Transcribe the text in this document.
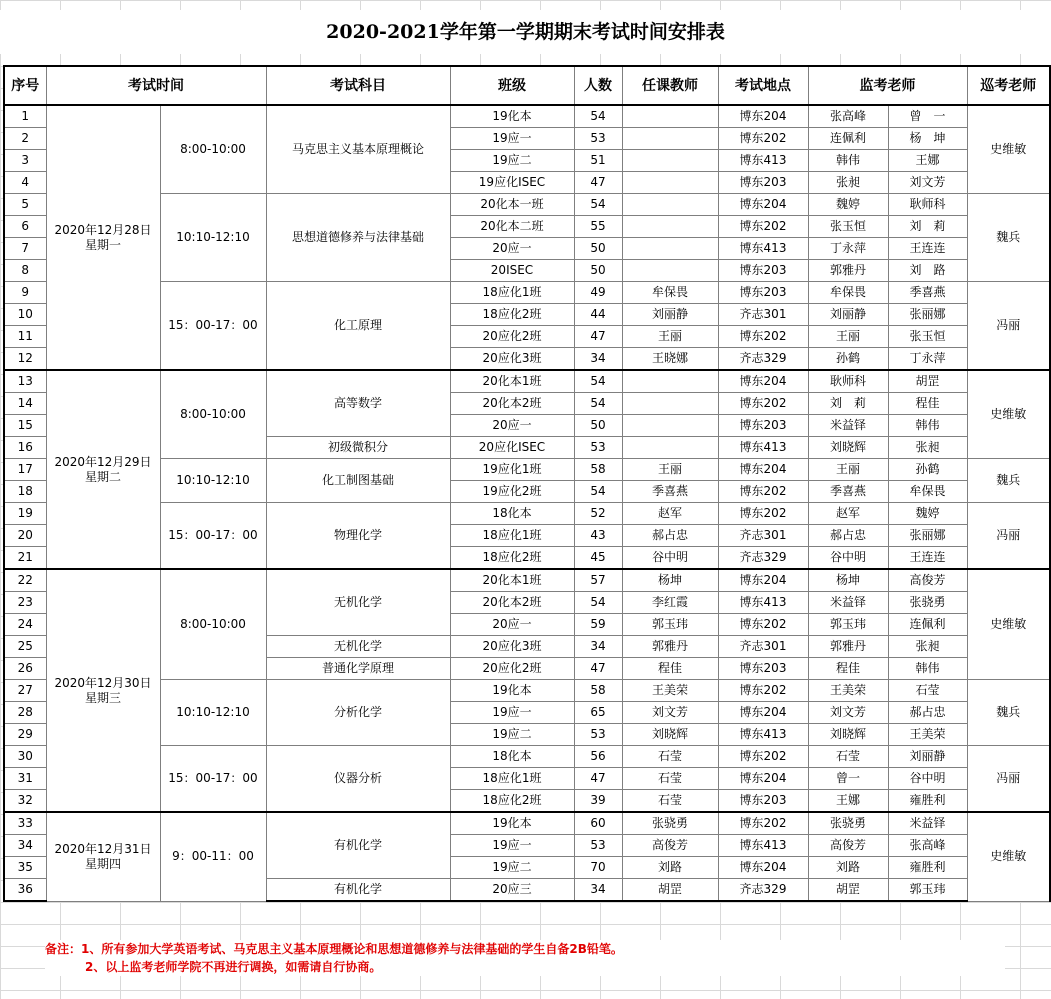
2020-2021学年第一学期期末考试时间安排表
序号	考试时间		考试科目	班级	人数	任课教师	考试地点	监考老师		巡考老师
1	2020年12月28日
星期一	8:00-10:00	马克思主义基本原理概论	19化本	54		博东204	张高峰	曾　一	史维敏
2				19应一	53		博东202	连佩利	杨　坤	
3				19应二	51		博东413	韩伟	王娜	
4				19应化ISEC	47		博东203	张昶	刘文芳	
5		10:10-12:10	思想道德修养与法律基础	20化本一班	54		博东204	魏婷	耿师科	魏兵
6				20化本二班	55		博东202	张玉恒	刘　莉	
7				20应一	50		博东413	丁永萍	王连连	
8				20ISEC	50		博东203	郭雅丹	刘　路	
9		15：00-17：00	化工原理	18应化1班	49	牟保畏	博东203	牟保畏	季喜燕	冯丽
10				18应化2班	44	刘丽静	齐志301	刘丽静	张丽娜	
11				20应化2班	47	王丽	博东202	王丽	张玉恒	
12				20应化3班	34	王晓娜	齐志329	孙鹤	丁永萍	
13	2020年12月29日
星期二	8:00-10:00	高等数学	20化本1班	54		博东204	耿师科	胡罡	史维敏
14				20化本2班	54		博东202	刘　莉	程佳	
15				20应一	50		博东203	米益铎	韩伟	
16			初级微积分	20应化ISEC	53		博东413	刘晓辉	张昶	
17		10:10-12:10	化工制图基础	19应化1班	58	王丽	博东204	王丽	孙鹤	魏兵
18				19应化2班	54	季喜燕	博东202	季喜燕	牟保畏	
19		15：00-17：00	物理化学	18化本	52	赵军	博东202	赵军	魏婷	冯丽
20				18应化1班	43	郝占忠	齐志301	郝占忠	张丽娜	
21				18应化2班	45	谷中明	齐志329	谷中明	王连连	
22	2020年12月30日
星期三	8:00-10:00	无机化学	20化本1班	57	杨坤	博东204	杨坤	高俊芳	史维敏
23				20化本2班	54	李红霞	博东413	米益铎	张骁勇	
24				20应一	59	郭玉玮	博东202	郭玉玮	连佩利	
25			无机化学	20应化3班	34	郭雅丹	齐志301	郭雅丹	张昶	
26			普通化学原理	20应化2班	47	程佳	博东203	程佳	韩伟	
27		10:10-12:10	分析化学	19化本	58	王美荣	博东202	王美荣	石莹	魏兵
28				19应一	65	刘文芳	博东204	刘文芳	郝占忠	
29				19应二	53	刘晓辉	博东413	刘晓辉	王美荣	
30		15：00-17：00	仪器分析	18化本	56	石莹	博东202	石莹	刘丽静	冯丽
31				18应化1班	47	石莹	博东204	曾一	谷中明	
32				18应化2班	39	石莹	博东203	王娜	雍胜利	
33	2020年12月31日
星期四	9：00-11：00	有机化学	19化本	60	张骁勇	博东202	张骁勇	米益铎	史维敏
34				19应一	53	高俊芳	博东413	高俊芳	张高峰	
35				19应二	70	刘路	博东204	刘路	雍胜利	
36			有机化学	20应三	34	胡罡	齐志329	胡罡	郭玉玮	
备注：1、所有参加大学英语考试、马克思主义基本原理概论和思想道德修养与法律基础的学生自备2B铅笔。
2、以上监考老师学院不再进行调换，如需请自行协商。
